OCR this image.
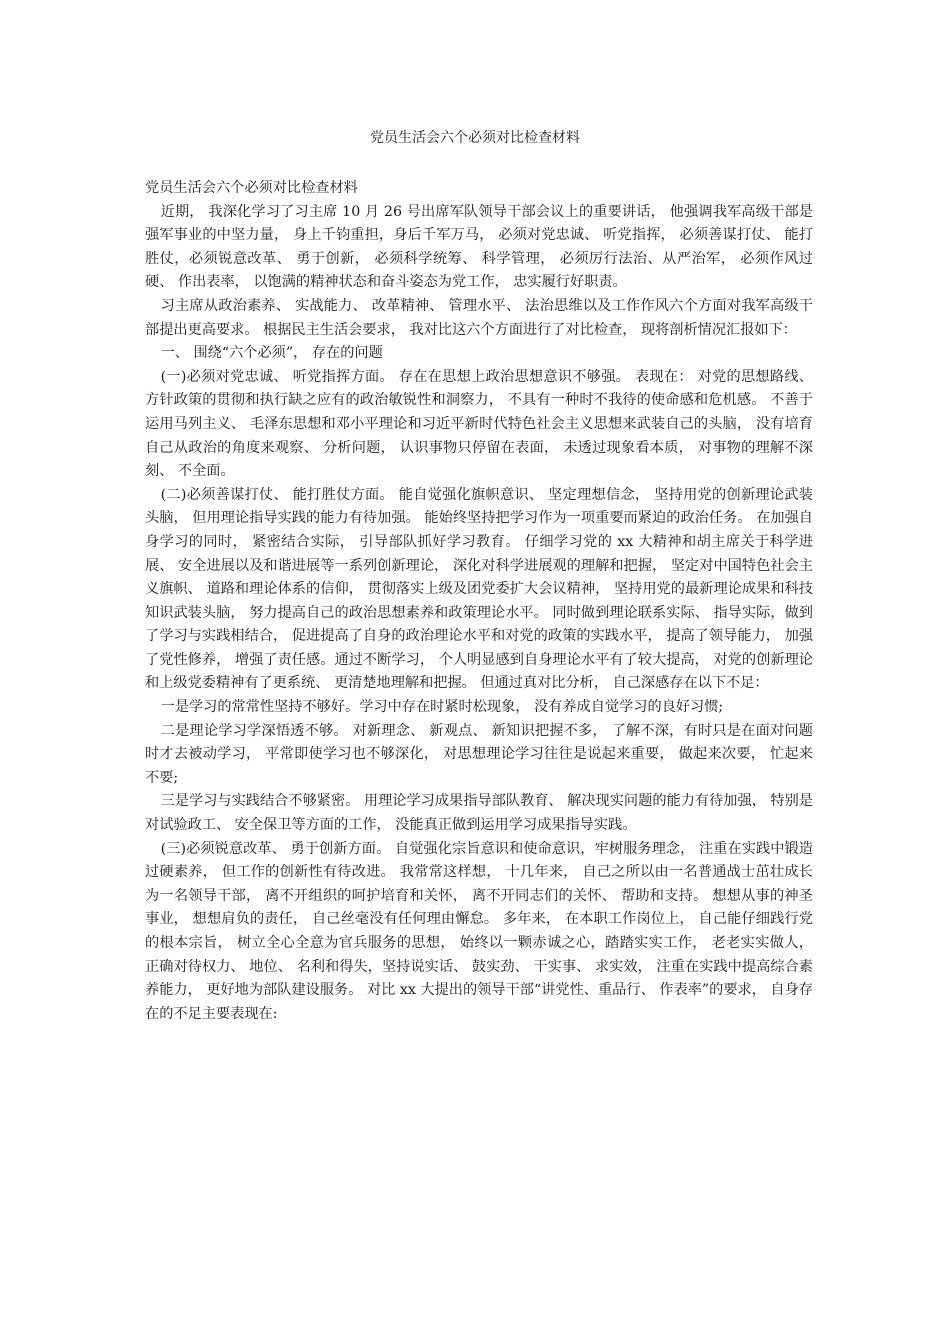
党员生活会六个必须对比检查材料

党员生活会六个必须对比检查材料

近期， 我深化学习了习主席 10 月 26 号出席军队领导干部会议上的重要讲话， 他强调我军高级干部是强军事业的中坚力量， 身上千钧重担，身后千军万马， 必须对党忠诚、 听党指挥， 必须善谋打仗、 能打胜仗，必须锐意改革、 勇于创新， 必须科学统筹、 科学管理， 必须厉行法治、从严治军， 必须作风过硬、 作出表率， 以饱满的精神状态和奋斗姿态为党工作， 忠实履行好职责。

习主席从政治素养、 实战能力、 改革精神、 管理水平、 法治思维以及工作作风六个方面对我军高级干部提出更高要求。 根据民主生活会要求， 我对比这六个方面进行了对比检查， 现将剖析情况汇报如下：

一、 围绕“六个必须”， 存在的问题

(一)必须对党忠诚、 听党指挥方面。 存在在思想上政治思想意识不够强。 表现在： 对党的思想路线、 方针政策的贯彻和执行缺之应有的政治敏锐性和洞察力， 不具有一种时不我待的使命感和危机感。 不善于运用马列主义、 毛泽东思想和邓小平理论和习近平新时代特色社会主义思想来武装自己的头脑， 没有培育自己从政治的角度来观察、 分析问题， 认识事物只停留在表面， 未透过现象看本质， 对事物的理解不深刻、 不全面。

(二)必须善谋打仗、 能打胜仗方面。 能自觉强化旗帜意识、 坚定理想信念， 坚持用党的创新理论武装头脑， 但用理论指导实践的能力有待加强。 能始终坚持把学习作为一项重要而紧迫的政治任务。 在加强自身学习的同时， 紧密结合实际， 引导部队抓好学习教育。 仔细学习党的 xx 大精神和胡主席关于科学进展、 安全进展以及和谐进展等一系列创新理论， 深化对科学进展观的理解和把握， 坚定对中国特色社会主义旗帜、 道路和理论体系的信仰， 贯彻落实上级及团党委扩大会议精神， 坚持用党的最新理论成果和科技知识武装头脑， 努力提高自己的政治思想素养和政策理论水平。 同时做到理论联系实际、 指导实际，做到了学习与实践相结合， 促进提高了自身的政治理论水平和对党的政策的实践水平， 提高了领导能力， 加强了党性修养， 增强了责任感。通过不断学习， 个人明显感到自身理论水平有了较大提高， 对党的创新理论和上级党委精神有了更系统、 更清楚地理解和把握。 但通过真对比分析， 自己深感存在以下不足：

一是学习的常常性坚持不够好。学习中存在时紧时松现象， 没有养成自觉学习的良好习惯;

二是理论学习学深悟透不够。 对新理念、 新观点、 新知识把握不多， 了解不深，有时只是在面对问题时才去被动学习， 平常即使学习也不够深化， 对思想理论学习往往是说起来重要， 做起来次要， 忙起来不要;

三是学习与实践结合不够紧密。 用理论学习成果指导部队教育、 解决现实问题的能力有待加强， 特别是对试验政工、 安全保卫等方面的工作， 没能真正做到运用学习成果指导实践。

(三)必须锐意改革、 勇于创新方面。 自觉强化宗旨意识和使命意识，牢树服务理念， 注重在实践中锻造过硬素养， 但工作的创新性有待改进。 我常常这样想， 十几年来， 自己之所以由一名普通战士茁壮成长为一名领导干部， 离不开组织的呵护培育和关怀， 离不开同志们的关怀、 帮助和支持。 想想从事的神圣事业， 想想肩负的责任， 自己丝毫没有任何理由懈怠。 多年来， 在本职工作岗位上， 自己能仔细践行党的根本宗旨， 树立全心全意为官兵服务的思想， 始终以一颗赤诚之心，踏踏实实工作， 老老实实做人， 正确对待权力、 地位、 名利和得失，坚持说实话、 鼓实劲、 干实事、 求实效， 注重在实践中提高综合素养能力， 更好地为部队建设服务。 对比 xx 大提出的领导干部“讲党性、重品行、 作表率”的要求， 自身存在的不足主要表现在:
